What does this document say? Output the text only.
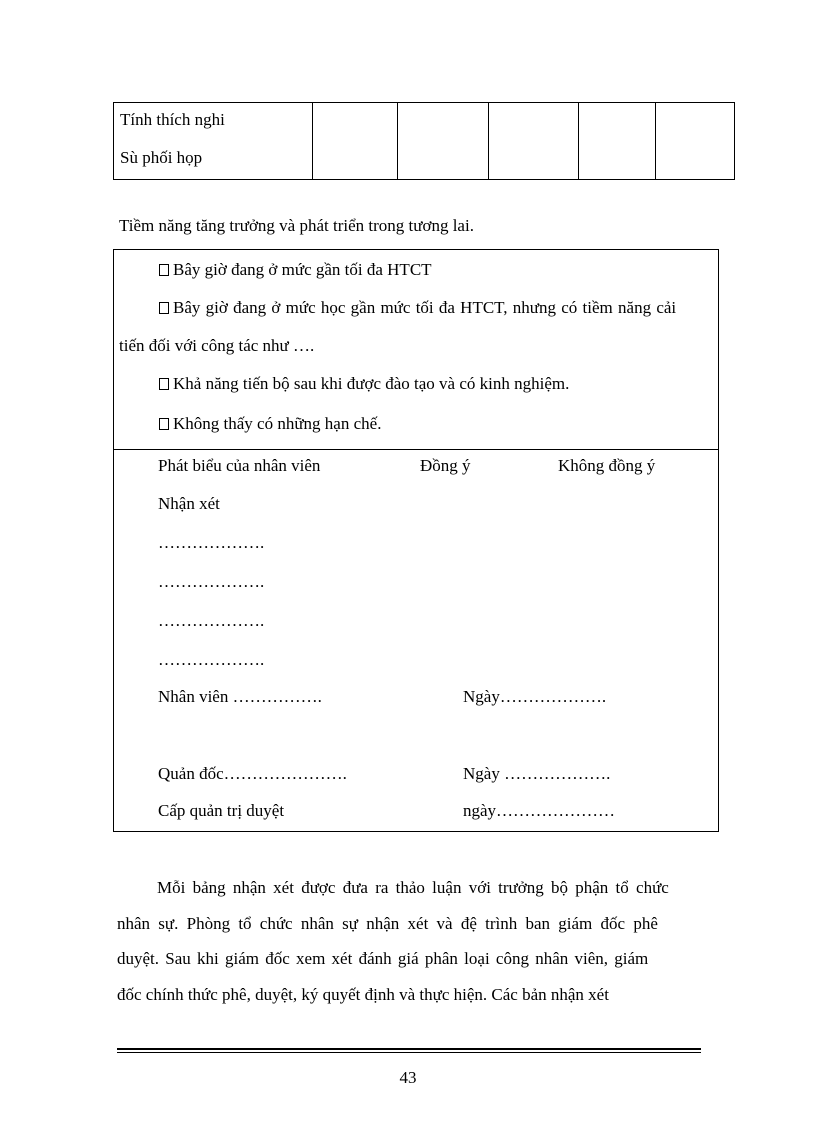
Tính thích nghi
Sù phối họp

Tiềm năng tăng trưởng và phát triển trong tương lai.
Bây giờ đang ở mức gần tối đa HTCT
Bây giờ đang ở mức học gần mức tối đa HTCT, nhưng có tiềm năng cải
tiến đối với công tác như ….
Khả năng tiến bộ sau khi được đào tạo và có kinh nghiệm.
Không thấy có những hạn chế.
Phát biểu của nhân viên	Đồng ý	Không đồng ý
Nhận xét
……………….
……………….
……………….
……………….
Nhân viên …………….	Ngày……………….
Quản đốc………………….	Ngày ……………….
Cấp quản trị duyệt	ngày…………………
Mỗi bảng nhận xét được đưa ra thảo luận với trưởng bộ phận tổ chức
nhân sự. Phòng tổ chức nhân sự nhận xét và đệ trình ban giám đốc phê
duyệt. Sau khi giám đốc xem xét đánh giá phân loại công nhân viên, giám
đốc chính thức phê, duyệt, ký quyết định và thực hiện. Các bản nhận xét
43
